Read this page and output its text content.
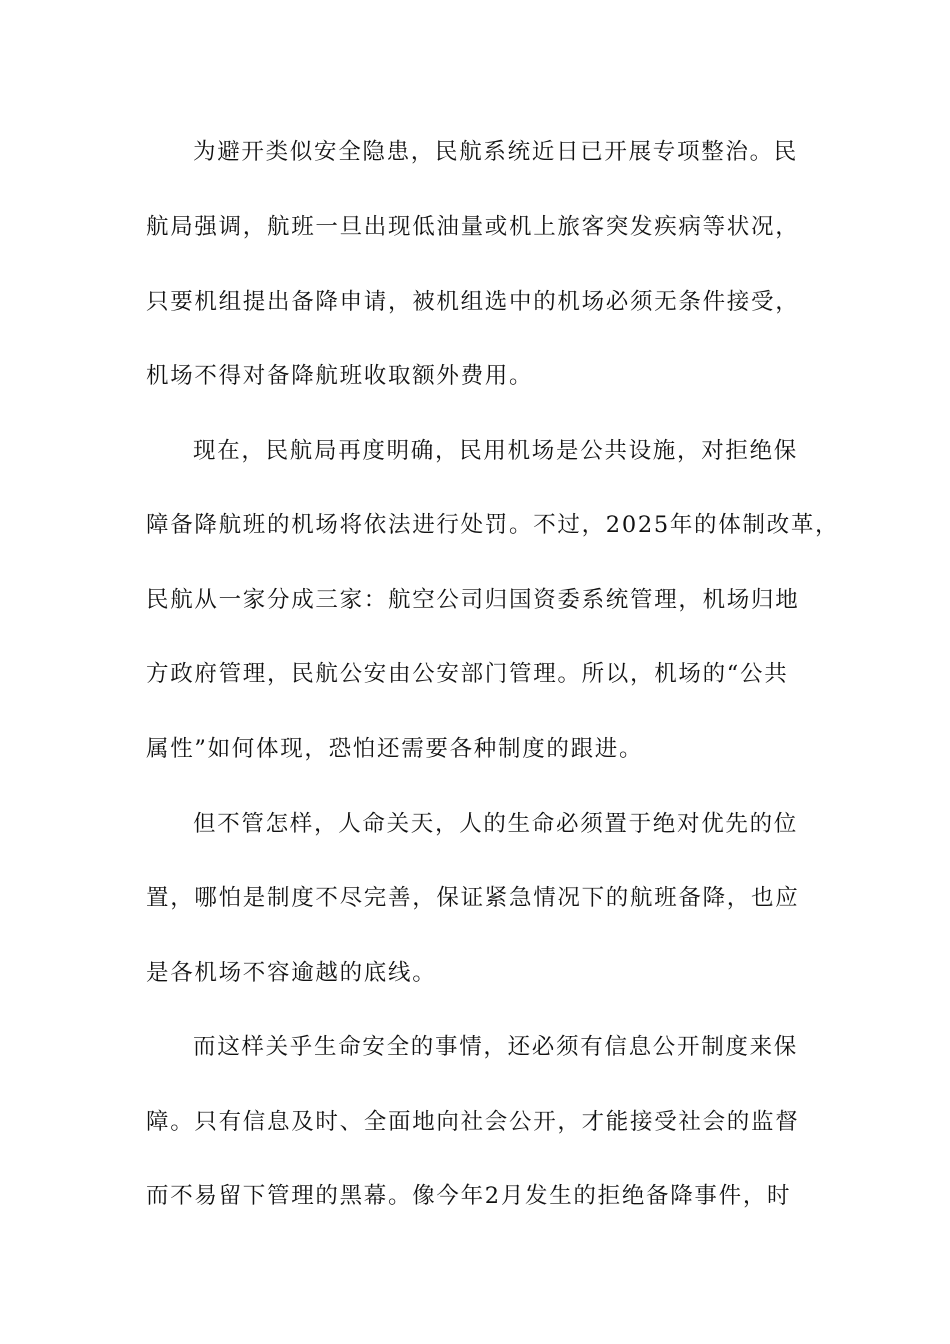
为避开类似安全隐患，民航系统近日已开展专项整治。民
航局强调，航班一旦出现低油量或机上旅客突发疾病等状况，
只要机组提出备降申请，被机组选中的机场必须无条件接受，
机场不得对备降航班收取额外费用。
现在，民航局再度明确，民用机场是公共设施，对拒绝保
障备降航班的机场将依法进行处罚。不过，2025年的体制改革，
民航从一家分成三家：航空公司归国资委系统管理，机场归地
方政府管理，民航公安由公安部门管理。所以，机场的“公共
属性”如何体现，恐怕还需要各种制度的跟进。
但不管怎样，人命关天，人的生命必须置于绝对优先的位
置，哪怕是制度不尽完善，保证紧急情况下的航班备降，也应
是各机场不容逾越的底线。
而这样关乎生命安全的事情，还必须有信息公开制度来保
障。只有信息及时、全面地向社会公开，才能接受社会的监督
而不易留下管理的黑幕。像今年2月发生的拒绝备降事件，时
